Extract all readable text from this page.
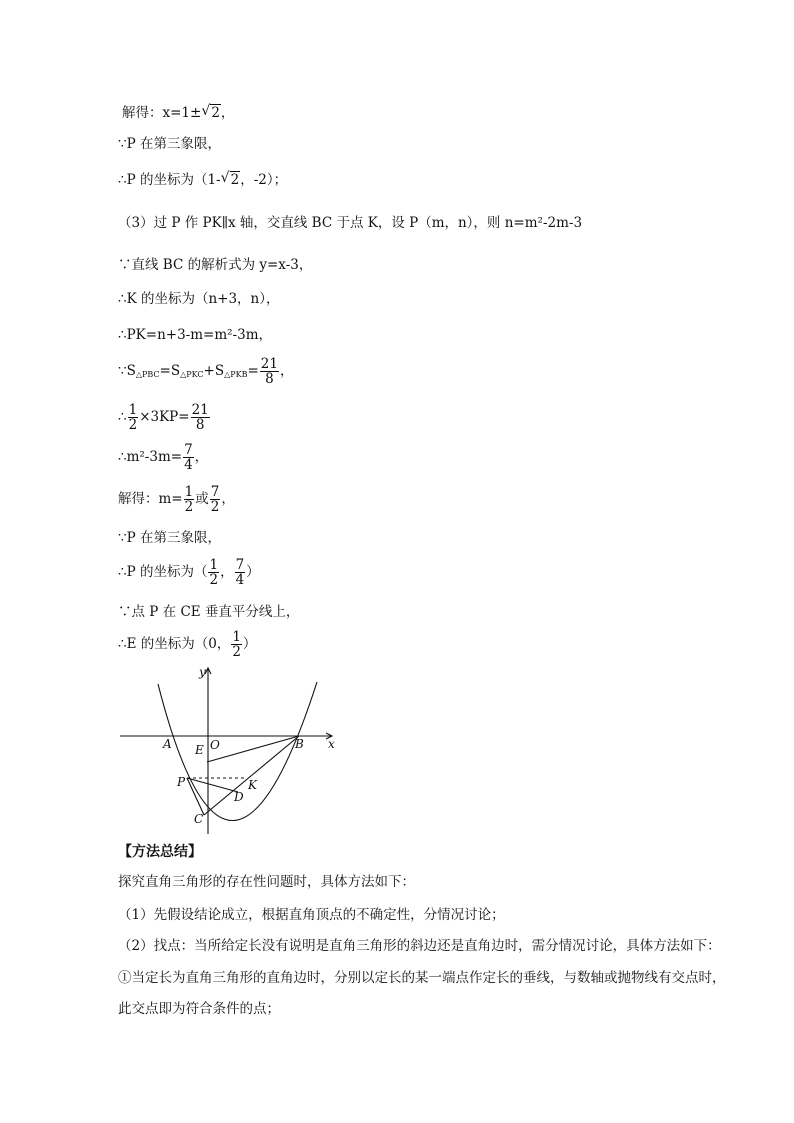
解得：x=1± √ 2，
∵P 在第三象限，
∴P 的坐标为（1- √ 2，-2）；
（3）过 P 作 PK∥x 轴，交直线 BC 于点 K，设 P（m，n），则 n=m²-2m-3
∵直线 BC 的解析式为 y=x-3，
∴K 的坐标为（n+3，n），
∴PK=n+3-m=m²-3m，
$\because S_{\triangle PBC}=S_{\triangle PKC}+S_{\triangle PKB}= \frac{21}{8}$ ，
∴ $\frac{1}{2} \times 3KP= \frac{21}{8}$
∴m²-3m= $\frac{7}{4}$ ，
解得：$m= \frac{1}{2}$ 或 $\frac{7}{2}$ ，
∵P 在第三象限，
∴P 的坐标为（ $\frac{1}{2}$ ， $\frac{7}{4}$ ）
∵点 P 在 CE 垂直平分线上，
∴E 的坐标为（0， $\frac{1}{2}$ ）
y
x
A	O
E	B
P	K
D
C
【方法总结】
探究直角三角形的存在性问题时，具体方法如下：
（1）先假设结论成立，根据直角顶点的不确定性，分情况讨论；
（2）找点：当所给定长没有说明是直角三角形的斜边还是直角边时，需分情况讨论，具体方法如下：
①当定长为直角三角形的直角边时，分别以定长的某一端点作定长的垂线，与数轴或抛物线有交点时，
此交点即为符合条件的点；
